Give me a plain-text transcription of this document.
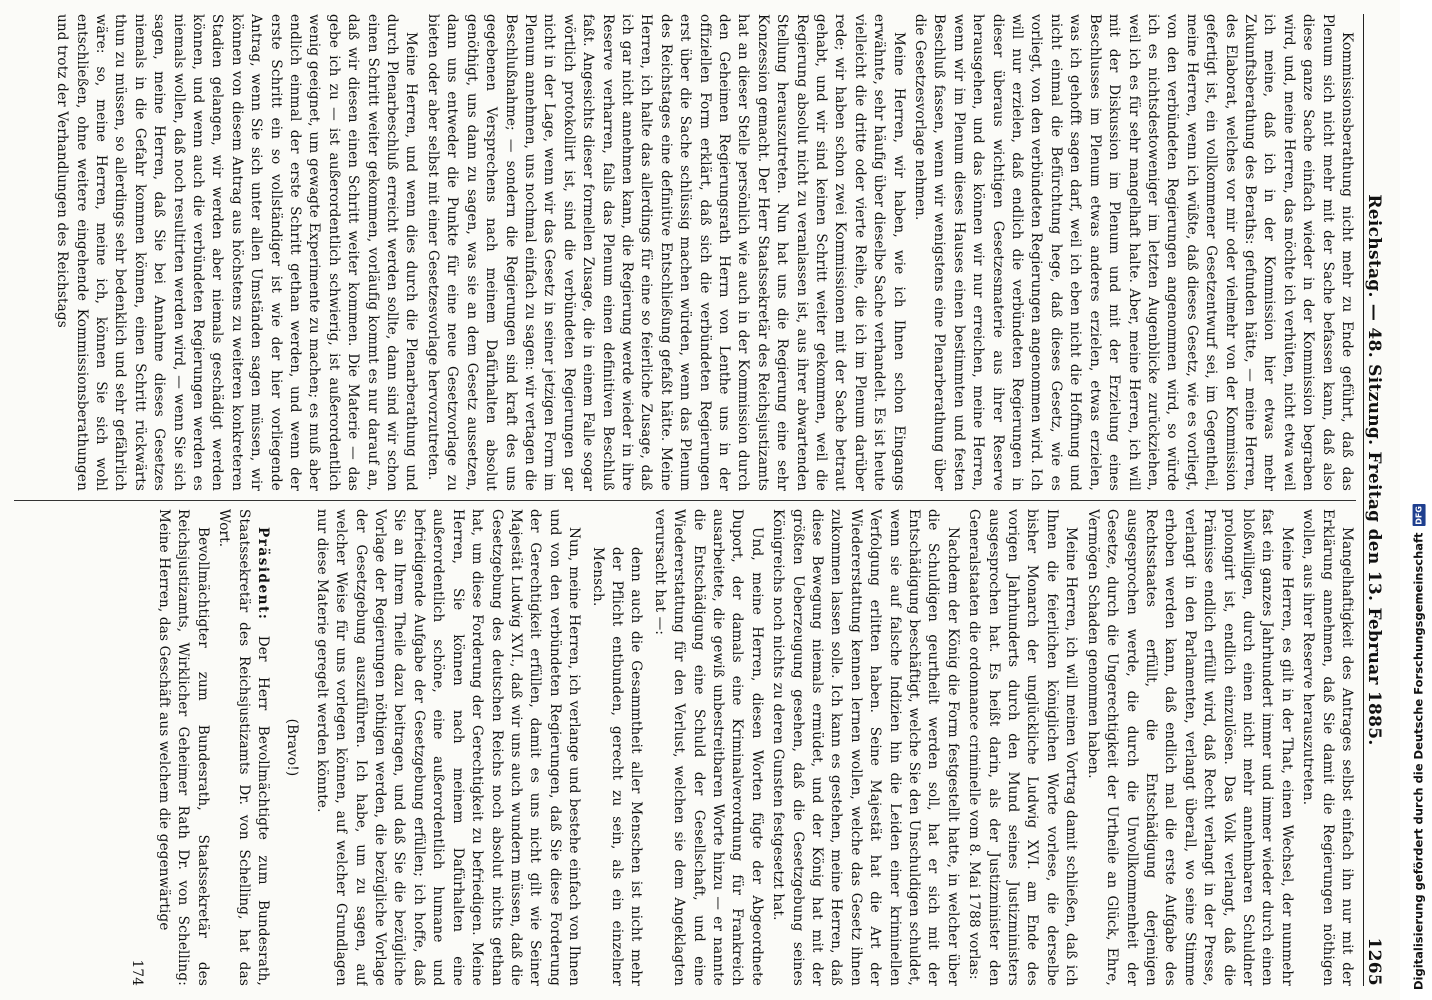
Reichstag. — 48. Sitzung. Freitag den 13. Februar 1885.
1265

Kommissionsberathung nicht mehr zu Ende geführt, daß das Plenum sich nicht mehr mit der Sache befassen kann, daß also diese ganze Sache einfach wieder in der Kommission begraben wird, und, meine Herren, das möchte ich verhüten, nicht etwa weil ich meine, daß ich in der Kommission hier etwas mehr Zukunftsberathung des Beraths: gefunden hätte, — meine Herren, des Elaborat, welches vor mir oder vielmehr von der Kommission gefertigt ist, ein vollkommener Gesetzentwurf sei, im Gegentheil, meine Herren, wenn ich wüßte, daß dieses Gesetz, wie es vorliegt, von den verbündeten Regierungen angenommen wird, so würde ich es nichtsdestoweniger im letzten Augenblicke zurückziehen, weil ich es für sehr mangelhaft halte. Aber, meine Herren, ich will mit der Diskussion im Plenum und mit der Erzielung eines Beschlusses im Plenum etwas anderes erzielen, etwas erzielen, was ich gehofft sagen darf, weil ich eben nicht die Hoffnung und nicht einmal die Befürchtung hege, daß dieses Gesetz, wie es vorliegt, von den verbündeten Regierungen angenommen wird. Ich will nur erzielen, daß endlich die verbündeten Regierungen in dieser überaus wichtigen Gesetzesmaterie aus ihrer Reserve herausgehen, und das können wir nur erreichen, meine Herren, wenn wir im Plenum dieses Hauses einen bestimmten und festen Beschluß fassen, wenn wir wenigstens eine Plenarberathung über die Gesetzesvorlage nehmen.

Meine Herren, wir haben, wie ich Ihnen schon Eingangs erwähnte, sehr häufig über dieselbe Sache verhandelt. Es ist heute vielleicht die dritte oder vierte Reihe, die ich im Plenum darüber rede; wir haben schon zwei Kommissionen mit der Sache betraut gehabt, und wir sind keinen Schritt weiter gekommen, weil die Regierung absolut nicht zu veranlassen ist, aus ihrer abwartenden Stellung herauszutreten. Nun hat uns die Regierung eine sehr Konzession gemacht. Der Herr Staatssekretär des Reichsjustizamts hat an dieser Stelle persönlich wie auch in der Kommission durch den Geheimen Regierungsrath Herrn von Lenthe uns in der offiziellen Form erklärt, daß sich die verbündeten Regierungen erst über die Sache schlüssig machen würden, wenn das Plenum des Reichstages eine definitive Entschließung gefaßt hätte. Meine Herren, ich halte das allerdings für eine so feierliche Zusage, daß ich gar nicht annehmen kann, die Regierung werde wieder in ihre Reserve verharren, falls das Plenum einen definitiven Beschluß faßt. Angesichts dieser formellen Zusage, die in einem Falle sogar wörtlich protokollirt ist, sind die verbündeten Regierungen gar nicht in der Lage, wenn wir das Gesetz in seiner jetzigen Form im Plenum annehmen, uns nochmal einfach zu sagen: wir vertagen die Beschlußnahme; — sondern die Regierungen sind kraft des uns gegebenen Versprechens nach meinem Dafürhalten absolut genöthigt, uns dann zu sagen, was sie an dem Gesetz aussetzen, dann uns entweder die Punkte für eine neue Gesetzvorlage zu bieten oder aber selbst mit einer Gesetzesvorlage hervorzutreten.

Meine Herren, und wenn dies durch die Plenarberathung und durch Plenarbeschluß erreicht werden sollte, dann sind wir schon einen Schritt weiter gekommen, vorläufig kommt es nur darauf an, daß wir diesen einen Schritt weiter kommen. Die Materie — das gebe ich zu — ist außerordentlich schwierig, ist außerordentlich wenig geeignet, um gewagte Experimente zu machen; es muß aber endlich einmal der erste Schritt gethan werden, und wenn der erste Schritt ein so vollständiger ist wie der hier vorliegende Antrag, wenn Sie sich unter allen Umständen sagen müssen, wir können von diesem Antrag aus höchstens zu weiteren konkreteren Stadien gelangen, wir werden aber niemals geschädigt werden können, und wenn auch die verbündeten Regierungen werden es niemals wollen, daß noch resultirten werden wird, — wenn Sie sich sagen, meine Herren, daß Sie bei Annahme dieses Gesetzes niemals in die Gefahr kommen können, einen Schritt rückwärts thun zu müssen, so allerdings sehr bedenklich und sehr gefährlich wäre: so, meine Herren, meine ich, können Sie sich wohl entschließen, ohne weitere eingehende Kommissionsberathungen und trotz der Verhandlungen des Reichstags

Mangelhaftigkeit des Antrages selbst einfach ihn nur mit der Erklärung annehmen, daß Sie damit die Regierungen nöthigen wollen, aus ihrer Reserve herauszutreten.

Meine Herren, es gilt in der That, einen Wechsel, der nunmehr fast ein ganzes Jahrhundert immer und immer wieder durch einen bloßwilligen, durch einen nicht mehr annehmbaren Schuldner prolongirt ist, endlich einzulösen. Das Volk verlangt, daß die Prämisse endlich erfüllt wird, daß Recht verlangt in der Presse, verlangt in den Parlamenten, verlangt überall, wo seine Stimme erhoben werden kann, daß endlich mal die erste Aufgabe des Rechtsstaates erfüllt, die Entschädigung derjenigen ausgesprochen werde, die durch die Unvollkommenheit der Gesetze, durch die Ungerechtigkeit der Urtheile an Glück, Ehre, Vermögen Schaden genommen haben.

Meine Herren, ich will meinen Vortrag damit schließen, daß ich Ihnen die feierlichen königlichen Worte vorlese, die derselbe bisher Monarch der unglückliche Ludwig XVI. am Ende des vorigen Jahrhunderts durch den Mund seines Justizministers ausgesprochen hat. Es heißt darin, als der Justizminister den Generalstaaten die ordonnance criminelle vom 8. Mai 1788 vorlas:

Nachdem der König die Form festgestellt hatte, in welcher über die Schuldigen geurtheilt werden soll, hat er sich mit der Entschädigung beschäftigt, welche Sie den Unschuldigen schuldet, wenn sie auf falsche Indizien hin die Leiden einer kriminellen Verfolgung erlitten haben. Seine Majestät hat die Art der Wiedererstattung kennen lernen wollen, welche das Gesetz ihnen zukommen lassen solle. Ich kann es gestehen, meine Herren, daß diese Bewegung niemals ermüdet, und der König hat mit der größten Ueberzeugung gesehen, daß die Gesetzgebung seines Königreichs noch nichts zu deren Gunsten festgesetzt hat.

Und, meine Herren, diesen Worten fügte der Abgeordnete Duport, der damals eine Kriminalverordnung für Frankreich ausarbeitete, die gewiß unbestreitbaren Worte hinzu — er nannte die Entschädigung eine Schuld der Gesellschaft, und eine Wiedererstattung für den Verlust, welchen sie dem Angeklagten verursacht hat —:

denn auch die Gesammtheit aller Menschen ist nicht mehr der Pflicht entbunden, gerecht zu sein, als ein einzelner Mensch.

Nun, meine Herren, ich verlange und bestehe einfach von Ihnen und von den verbündeten Regierungen, daß Sie diese Forderung der Gerechtigkeit erfüllen, damit es uns nicht gilt wie Seiner Majestät Ludwig XVI., daß wir uns auch wundern müssen, daß die Gesetzgebung des deutschen Reichs noch absolut nichts gethan hat, um diese Forderung der Gerechtigkeit zu befriedigen. Meine Herren, Sie können nach meinem Dafürhalten eine außerordentlich schöne, eine außerordentlich humane und befriedigende Aufgabe der Gesetzgebung erfüllen; ich hoffe, daß Sie an Ihrem Theile dazu beitragen, und daß Sie die bezügliche Vorlage der Regierungen nöthigen werden, die bezügliche Vorlage der Gesetzgebung auszuführen. Ich habe, um zu sagen, auf welcher Weise für uns vorlegen können, auf welcher Grundlagen nur diese Materie geregelt werden könnte.

(Bravo!)

Präsident: Der Herr Bevollmächtigte zum Bundesrath, Staatssekretär des Reichsjustizamts Dr. von Schelling, hat das Wort.

Bevollmächtigter zum Bundesrath, Staatssekretär des Reichsjustizamts, Wirklicher Geheimer Rath Dr. von Schelling: Meine Herren, das Geschäft aus welchem die gegenwärtige

174	Digitalisierung gefördert durch die Deutsche Forschungsgemeinschaft
DFG
